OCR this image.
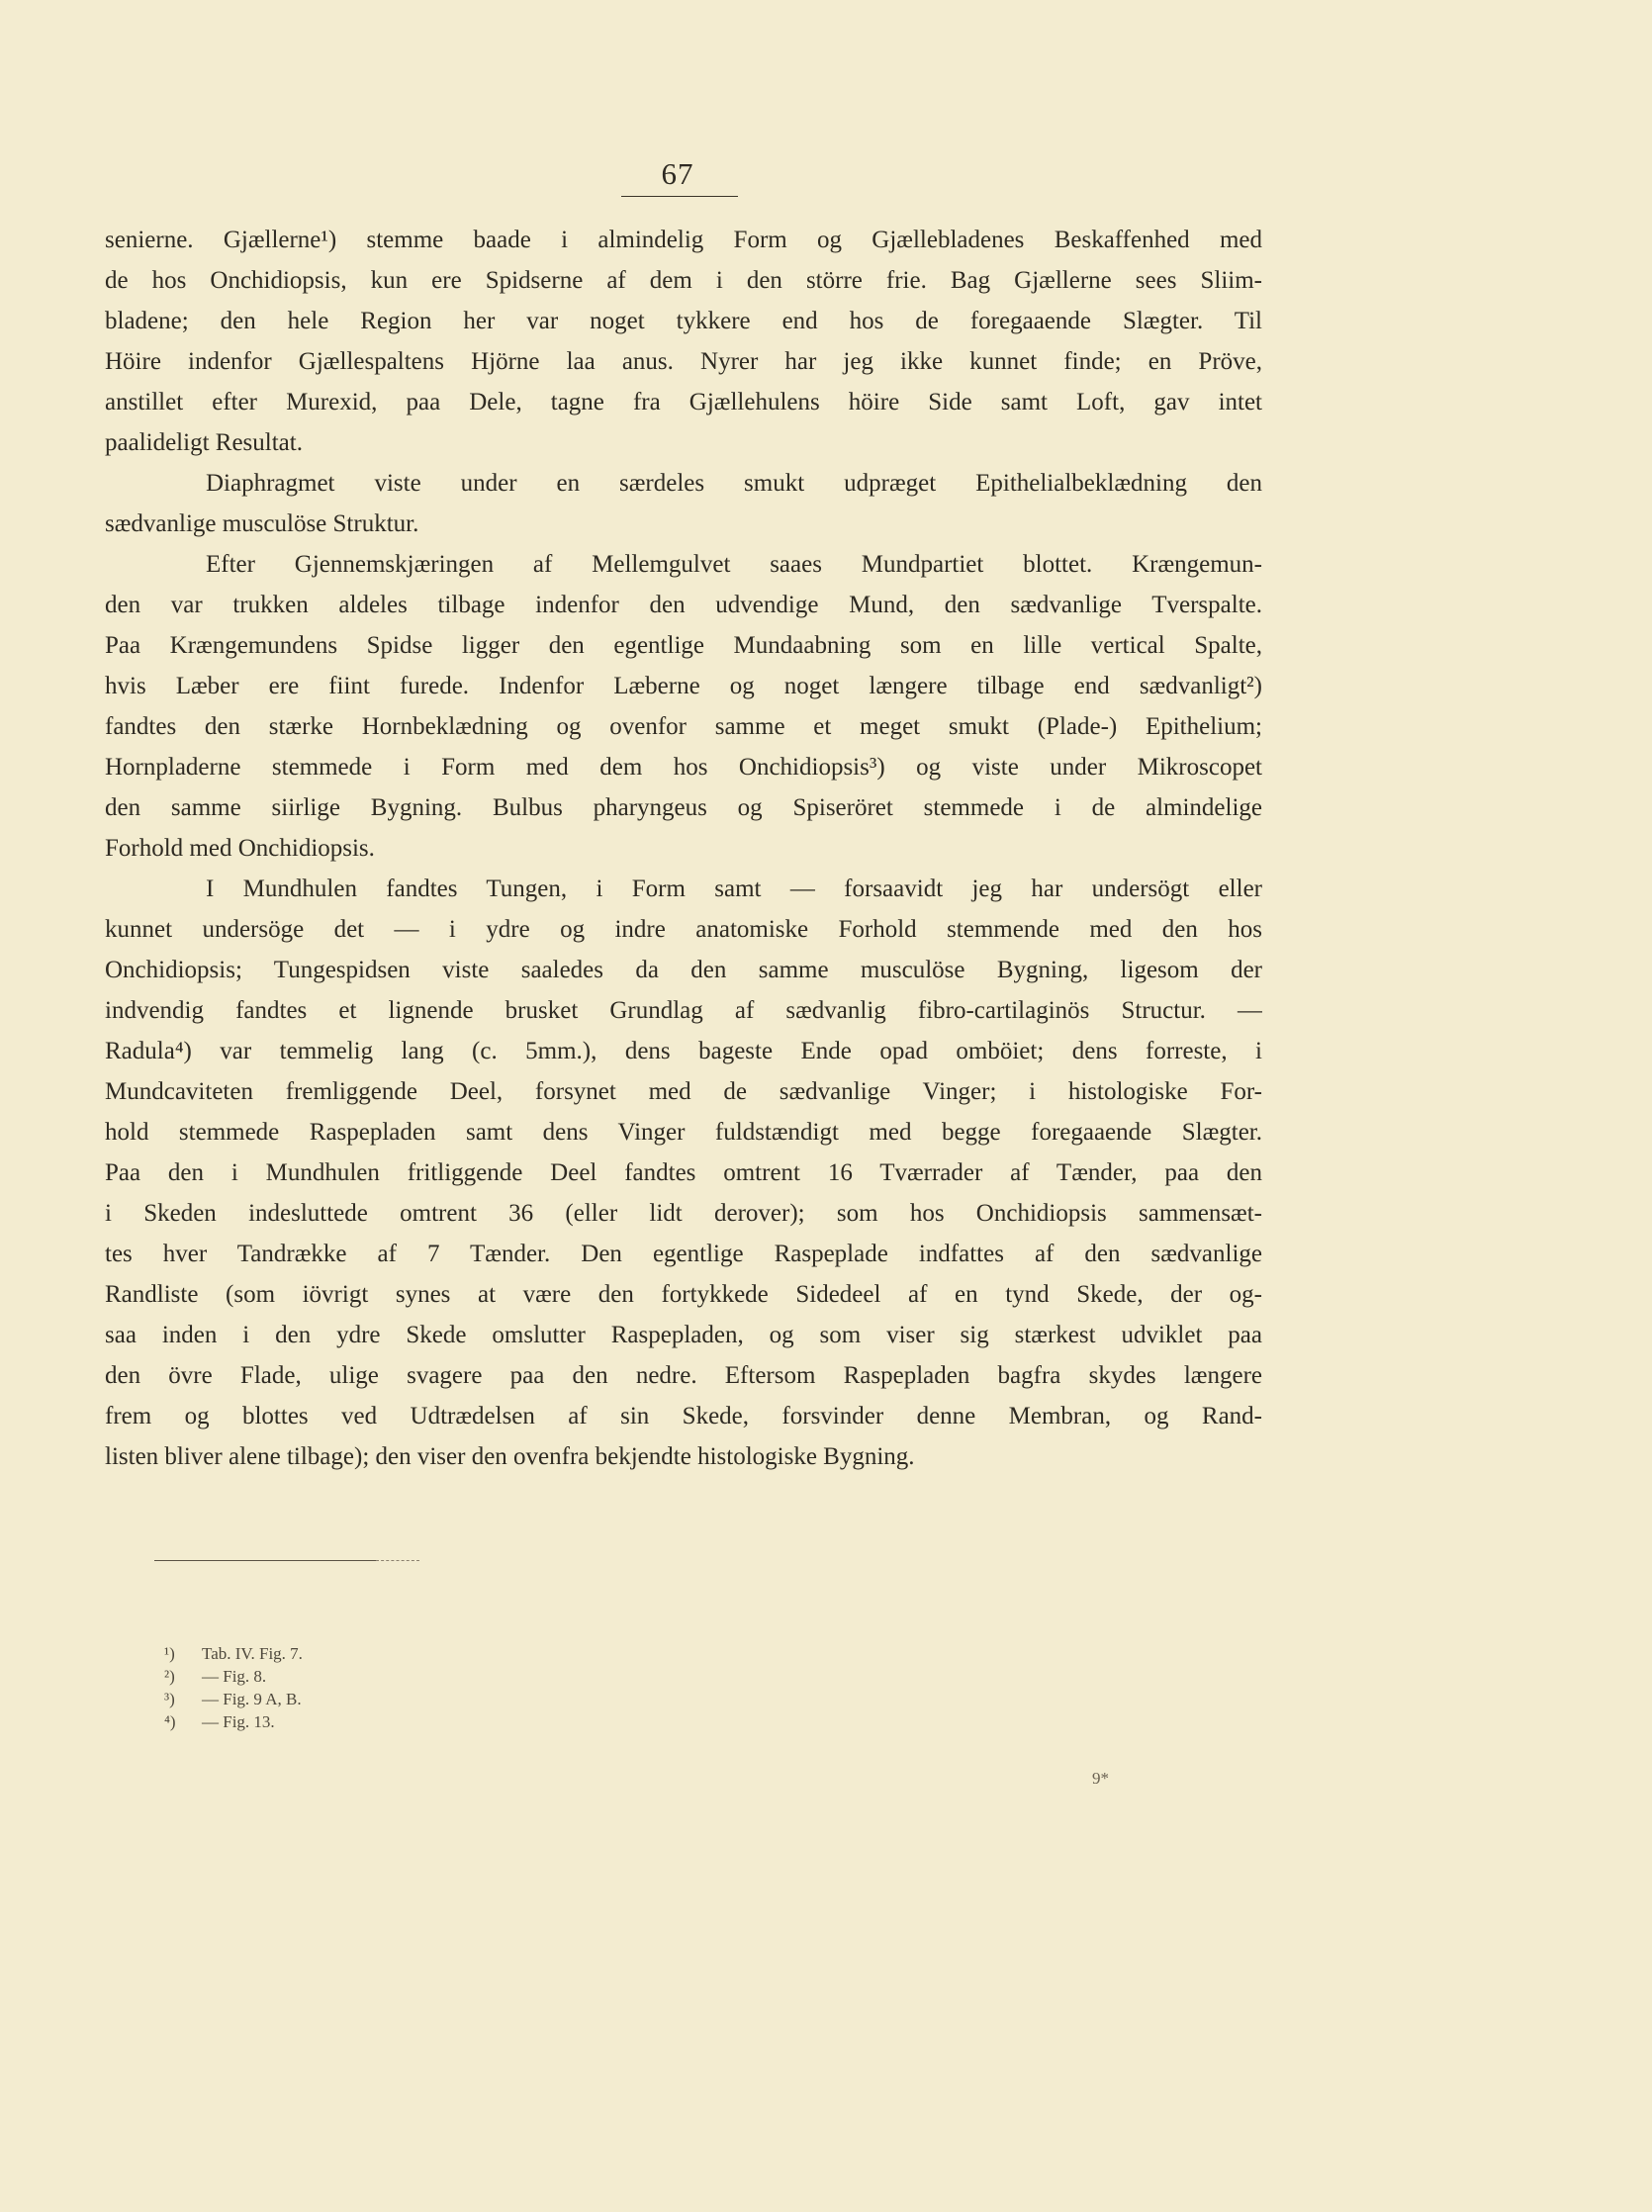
67
senierne. Gjællerne¹) stemme baade i almindelig Form og Gjællebladenes Beskaffenhed med
de hos Onchidiopsis, kun ere Spidserne af dem i den större frie. Bag Gjællerne sees Sliim-
bladene; den hele Region her var noget tykkere end hos de foregaaende Slægter. Til
Höire indenfor Gjællespaltens Hjörne laa anus. Nyrer har jeg ikke kunnet finde; en Pröve,
anstillet efter Murexid, paa Dele, tagne fra Gjællehulens höire Side samt Loft, gav intet
paalideligt Resultat.
Diaphragmet viste under en særdeles smukt udpræget Epithelialbeklædning den
sædvanlige musculöse Struktur.
Efter Gjennemskjæringen af Mellemgulvet saaes Mundpartiet blottet. Krængemun-
den var trukken aldeles tilbage indenfor den udvendige Mund, den sædvanlige Tverspalte.
Paa Krængemundens Spidse ligger den egentlige Mundaabning som en lille vertical Spalte,
hvis Læber ere fiint furede. Indenfor Læberne og noget længere tilbage end sædvanligt²)
fandtes den stærke Hornbeklædning og ovenfor samme et meget smukt (Plade-) Epithelium;
Hornpladerne stemmede i Form med dem hos Onchidiopsis³) og viste under Mikroscopet
den samme siirlige Bygning. Bulbus pharyngeus og Spiseröret stemmede i de almindelige
Forhold med Onchidiopsis.
I Mundhulen fandtes Tungen, i Form samt — forsaavidt jeg har undersögt eller
kunnet undersöge det — i ydre og indre anatomiske Forhold stemmende med den hos
Onchidiopsis; Tungespidsen viste saaledes da den samme musculöse Bygning, ligesom der
indvendig fandtes et lignende brusket Grundlag af sædvanlig fibro-cartilaginös Structur. —
Radula⁴) var temmelig lang (c. 5mm.), dens bageste Ende opad omböiet; dens forreste, i
Mundcaviteten fremliggende Deel, forsynet med de sædvanlige Vinger; i histologiske For-
hold stemmede Raspepladen samt dens Vinger fuldstændigt med begge foregaaende Slægter.
Paa den i Mundhulen fritliggende Deel fandtes omtrent 16 Tværrader af Tænder, paa den
i Skeden indesluttede omtrent 36 (eller lidt derover); som hos Onchidiopsis sammensæt-
tes hver Tandrække af 7 Tænder. Den egentlige Raspeplade indfattes af den sædvanlige
Randliste (som iövrigt synes at være den fortykkede Sidedeel af en tynd Skede, der og-
saa inden i den ydre Skede omslutter Raspepladen, og som viser sig stærkest udviklet paa
den övre Flade, ulige svagere paa den nedre. Eftersom Raspepladen bagfra skydes længere
frem og blottes ved Udtrædelsen af sin Skede, forsvinder denne Membran, og Rand-
listen bliver alene tilbage); den viser den ovenfra bekjendte histologiske Bygning.
¹) Tab. IV. Fig. 7.
²) — Fig. 8.
³) — Fig. 9 A, B.
⁴) — Fig. 13.
9*
